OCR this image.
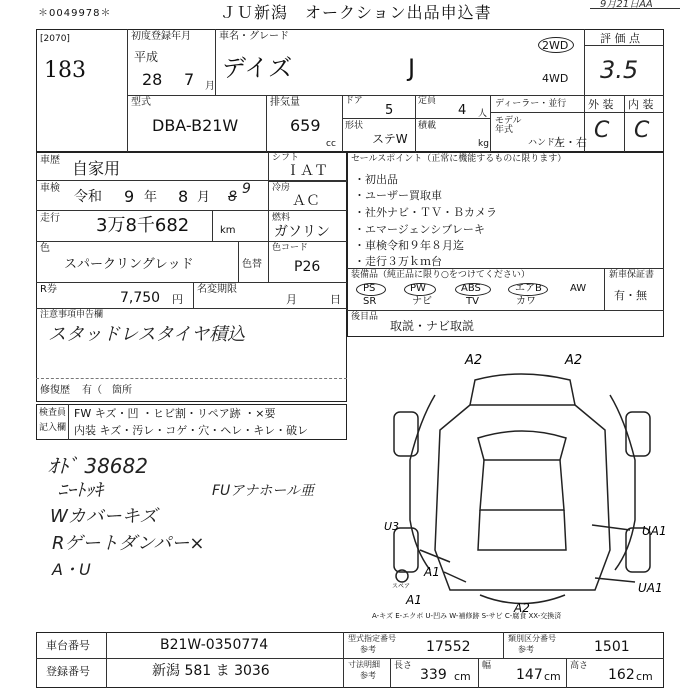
＊0049978＊	ＪＵ新潟　オークション出品申込書	9月21日AA
[2070]
183
初度登録年月
平成
28 7 月
車名・グレード
デイズ	J
2WD
4WD
評 価 点
3.5
型式
DBA-B21W
排気量
659
cc
ドア
5
定員
4 人
形状
ステW
積載
kg
ディーラー・並行
モデル年式
ハンドル
左・右
外 装 内 装
C C
車歴 自家用
車検
令和 9 年 8 月 8 9
走行 3万8千682	km
シフト
ＩＡＴ
冷房
ＡＣ
燃料
ガソリン
色
スパークリングレッド	色替
色コード
P26
R券
7,750 円
名変期限
月	日
注意事項申告欄
スタッドレスタイヤ積込
修復歴 有（ 箇所
セールスポイント（正常に機能するものに限ります）
・初出品
・ユーザー買取車
・社外ナビ・ＴＶ・Ｂカメラ
・エマージェンシブレーキ
・車検令和９年８月迄
・走行３万ｋｍ台
装備品（純正品に限り○をつけてください）
PS	PW	ABS	エアB	AW
SR	ナビ	TV	カワ
新車保証書
有・無
後目品
取説・ナビ取説
検査員
記入欄
FW キズ・凹 ・ヒビ割・リペア跡 ・×要
内装 キズ・汚レ・コゲ・穴・ヘレ・キレ・破レ
ｵﾄﾞ 38682
ﾆｰﾄｯｷ
Wカバーキズ
Rゲートダンパー×
A・U
FUアナホール亜
A2	A2
U3	UA1
A1
A1
UA1
A2
スペア
A-キズ E-エクボ U-凹み W-補修跡 S-サビ C-腐食 XX-交換済
車台番号	B21W-0350774
登録番号	新潟 581 ま 3036
型式指定番号
参考	17552
類別区分番号
参考	1501
寸法明細
参考
長さ
339 cm
幅
147 cm
高さ
162 cm
